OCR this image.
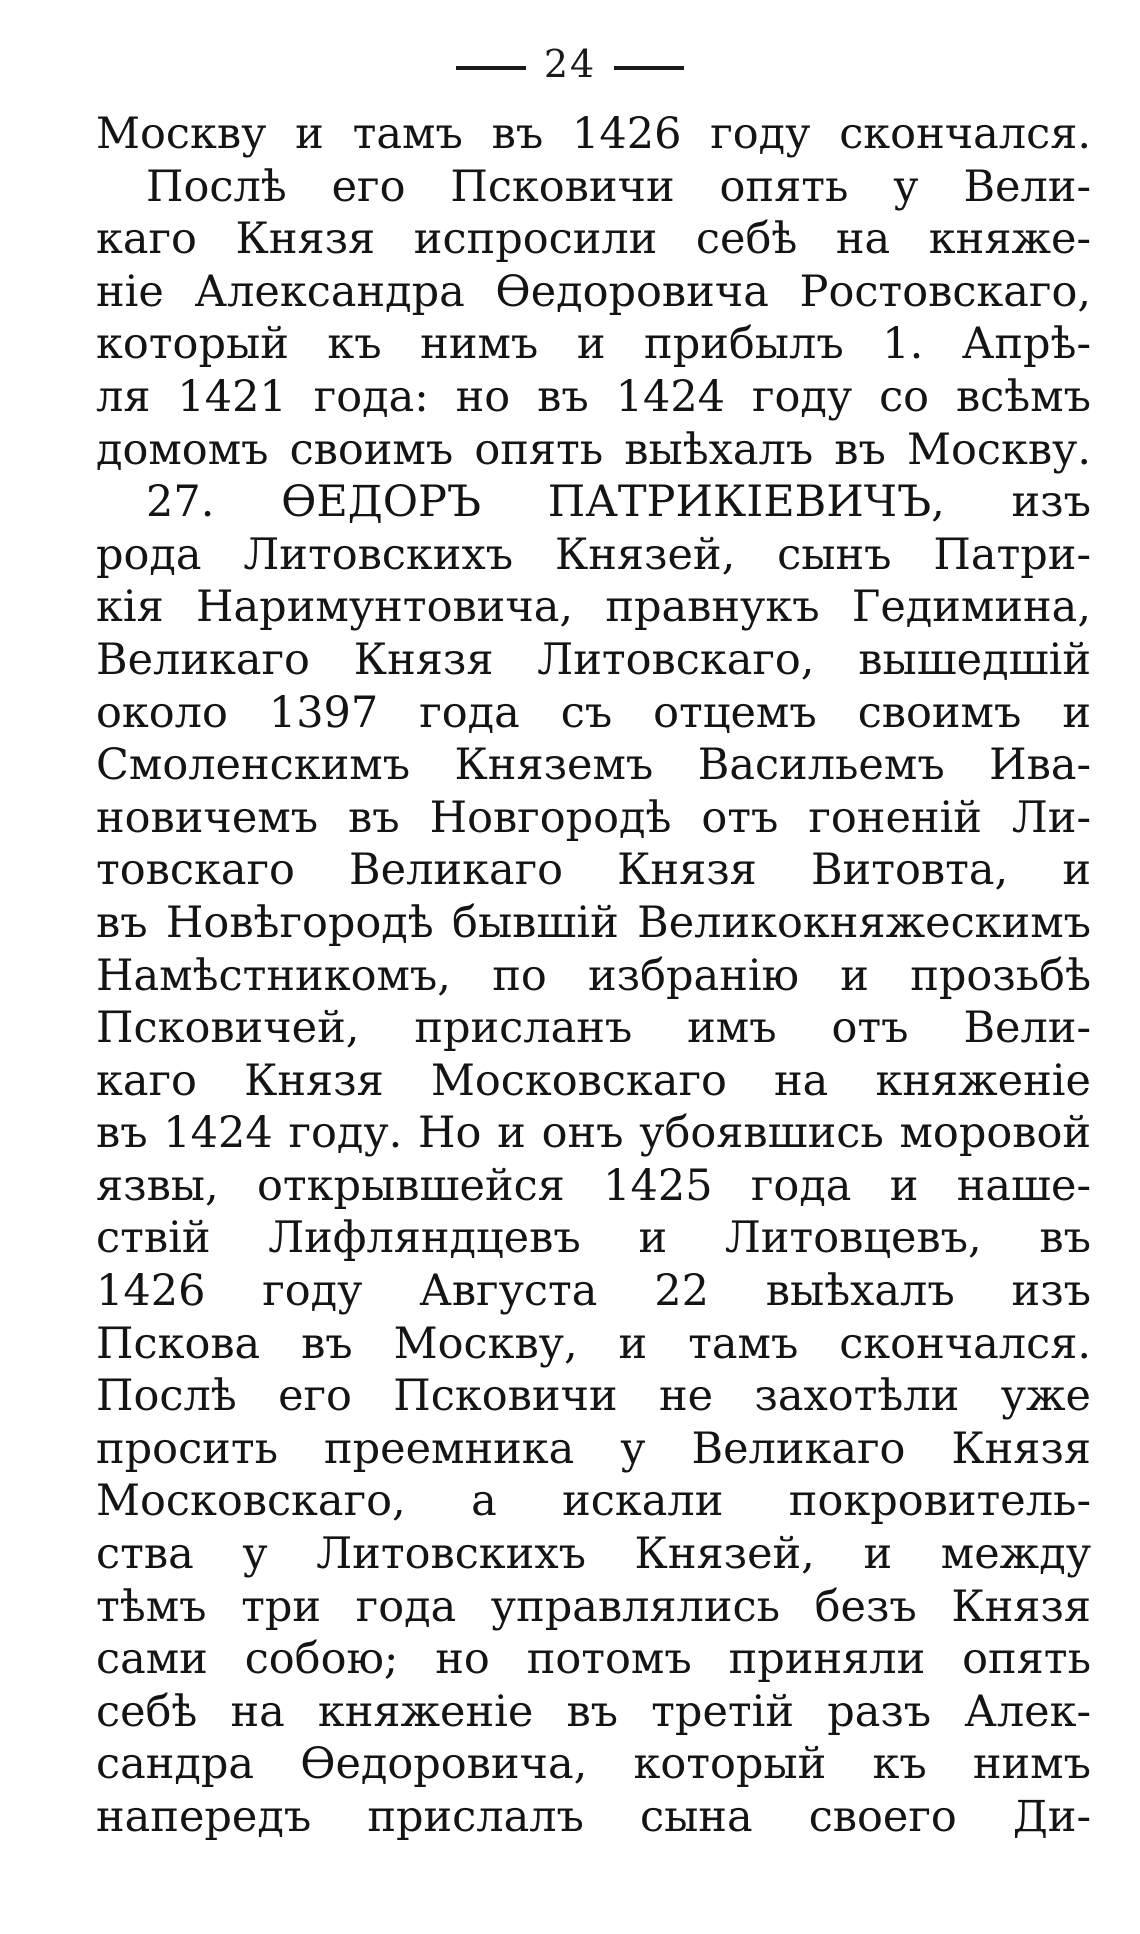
24
Москву и тамъ въ 1426 году скончался.
Послѣ его Псковичи опять у Вели-
каго Князя испросили себѣ на княже-
ніе Александра Өедоровича Ростовскаго,
который къ нимъ и прибылъ 1. Апрѣ-
ля 1421 года: но въ 1424 году со всѣмъ
домомъ своимъ опять выѣхалъ въ Москву.
27. ӨЕДОРЪ ПАТРИКІЕВИЧЪ, изъ
рода Литовскихъ Князей, сынъ Патри-
кія Наримунтовича, правнукъ Гедимина,
Великаго Князя Литовскаго, вышедшій
около 1397 года съ отцемъ своимъ и
Смоленскимъ Княземъ Васильемъ Ива-
новичемъ въ Новгородѣ отъ гоненій Ли-
товскаго Великаго Князя Витовта, и
въ Новѣгородѣ бывшій Великокняжескимъ
Намѣстникомъ, по избранію и прозьбѣ
Псковичей, присланъ имъ отъ Вели-
каго Князя Московскаго на княженіе
въ 1424 году. Но и онъ убоявшись моровой
язвы, открывшейся 1425 года и наше-
ствій Лифляндцевъ и Литовцевъ, въ
1426 году Августа 22 выѣхалъ изъ
Пскова въ Москву, и тамъ скончался.
Послѣ его Псковичи не захотѣли уже
просить преемника у Великаго Князя
Московскаго, а искали покровитель-
ства у Литовскихъ Князей, и между
тѣмъ три года управлялись безъ Князя
сами собою; но потомъ приняли опять
себѣ на княженіе въ третій разъ Алек-
сандра Өедоровича, который къ нимъ
напередъ прислалъ сына своего Ди-
